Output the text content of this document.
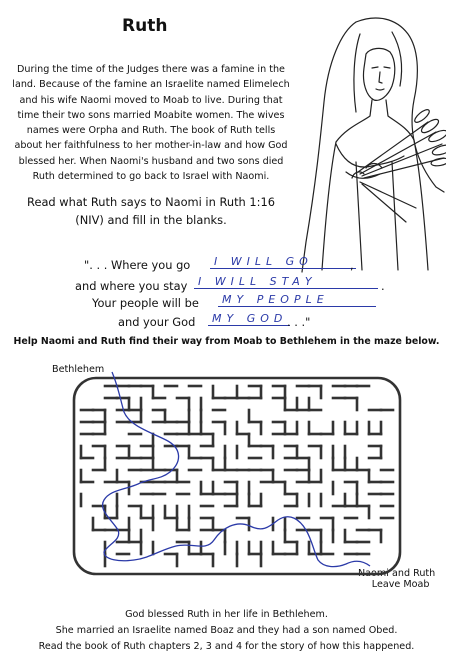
Ruth
During the time of the Judges there was a famine in the
land. Because of the famine an Israelite named Elimelech
and his wife Naomi moved to Moab to live. During that
time their two sons married Moabite women. The wives
names were Orpha and Ruth. The book of Ruth tells
about her faithfulness to her mother-in-law and how God
blessed her. When Naomi's husband and two sons died
Ruth determined to go back to Israel with Naomi.
Read what Ruth says to Naomi in Ruth 1:16
(NIV) and fill in the blanks.
". . . Where you go	I WILL GO	,
and where you stay I WILL STAY	.
Your people will be	MY PEOPLE
and your God	MY GOD . . ."
Help Naomi and Ruth find their way from Moab to Bethlehem in the maze below.
Bethlehem
Naomi and Ruth
Leave Moab
God blessed Ruth in her life in Bethlehem.
She married an Israelite named Boaz and they had a son named Obed.
Read the book of Ruth chapters 2, 3 and 4 for the story of how this happened.
